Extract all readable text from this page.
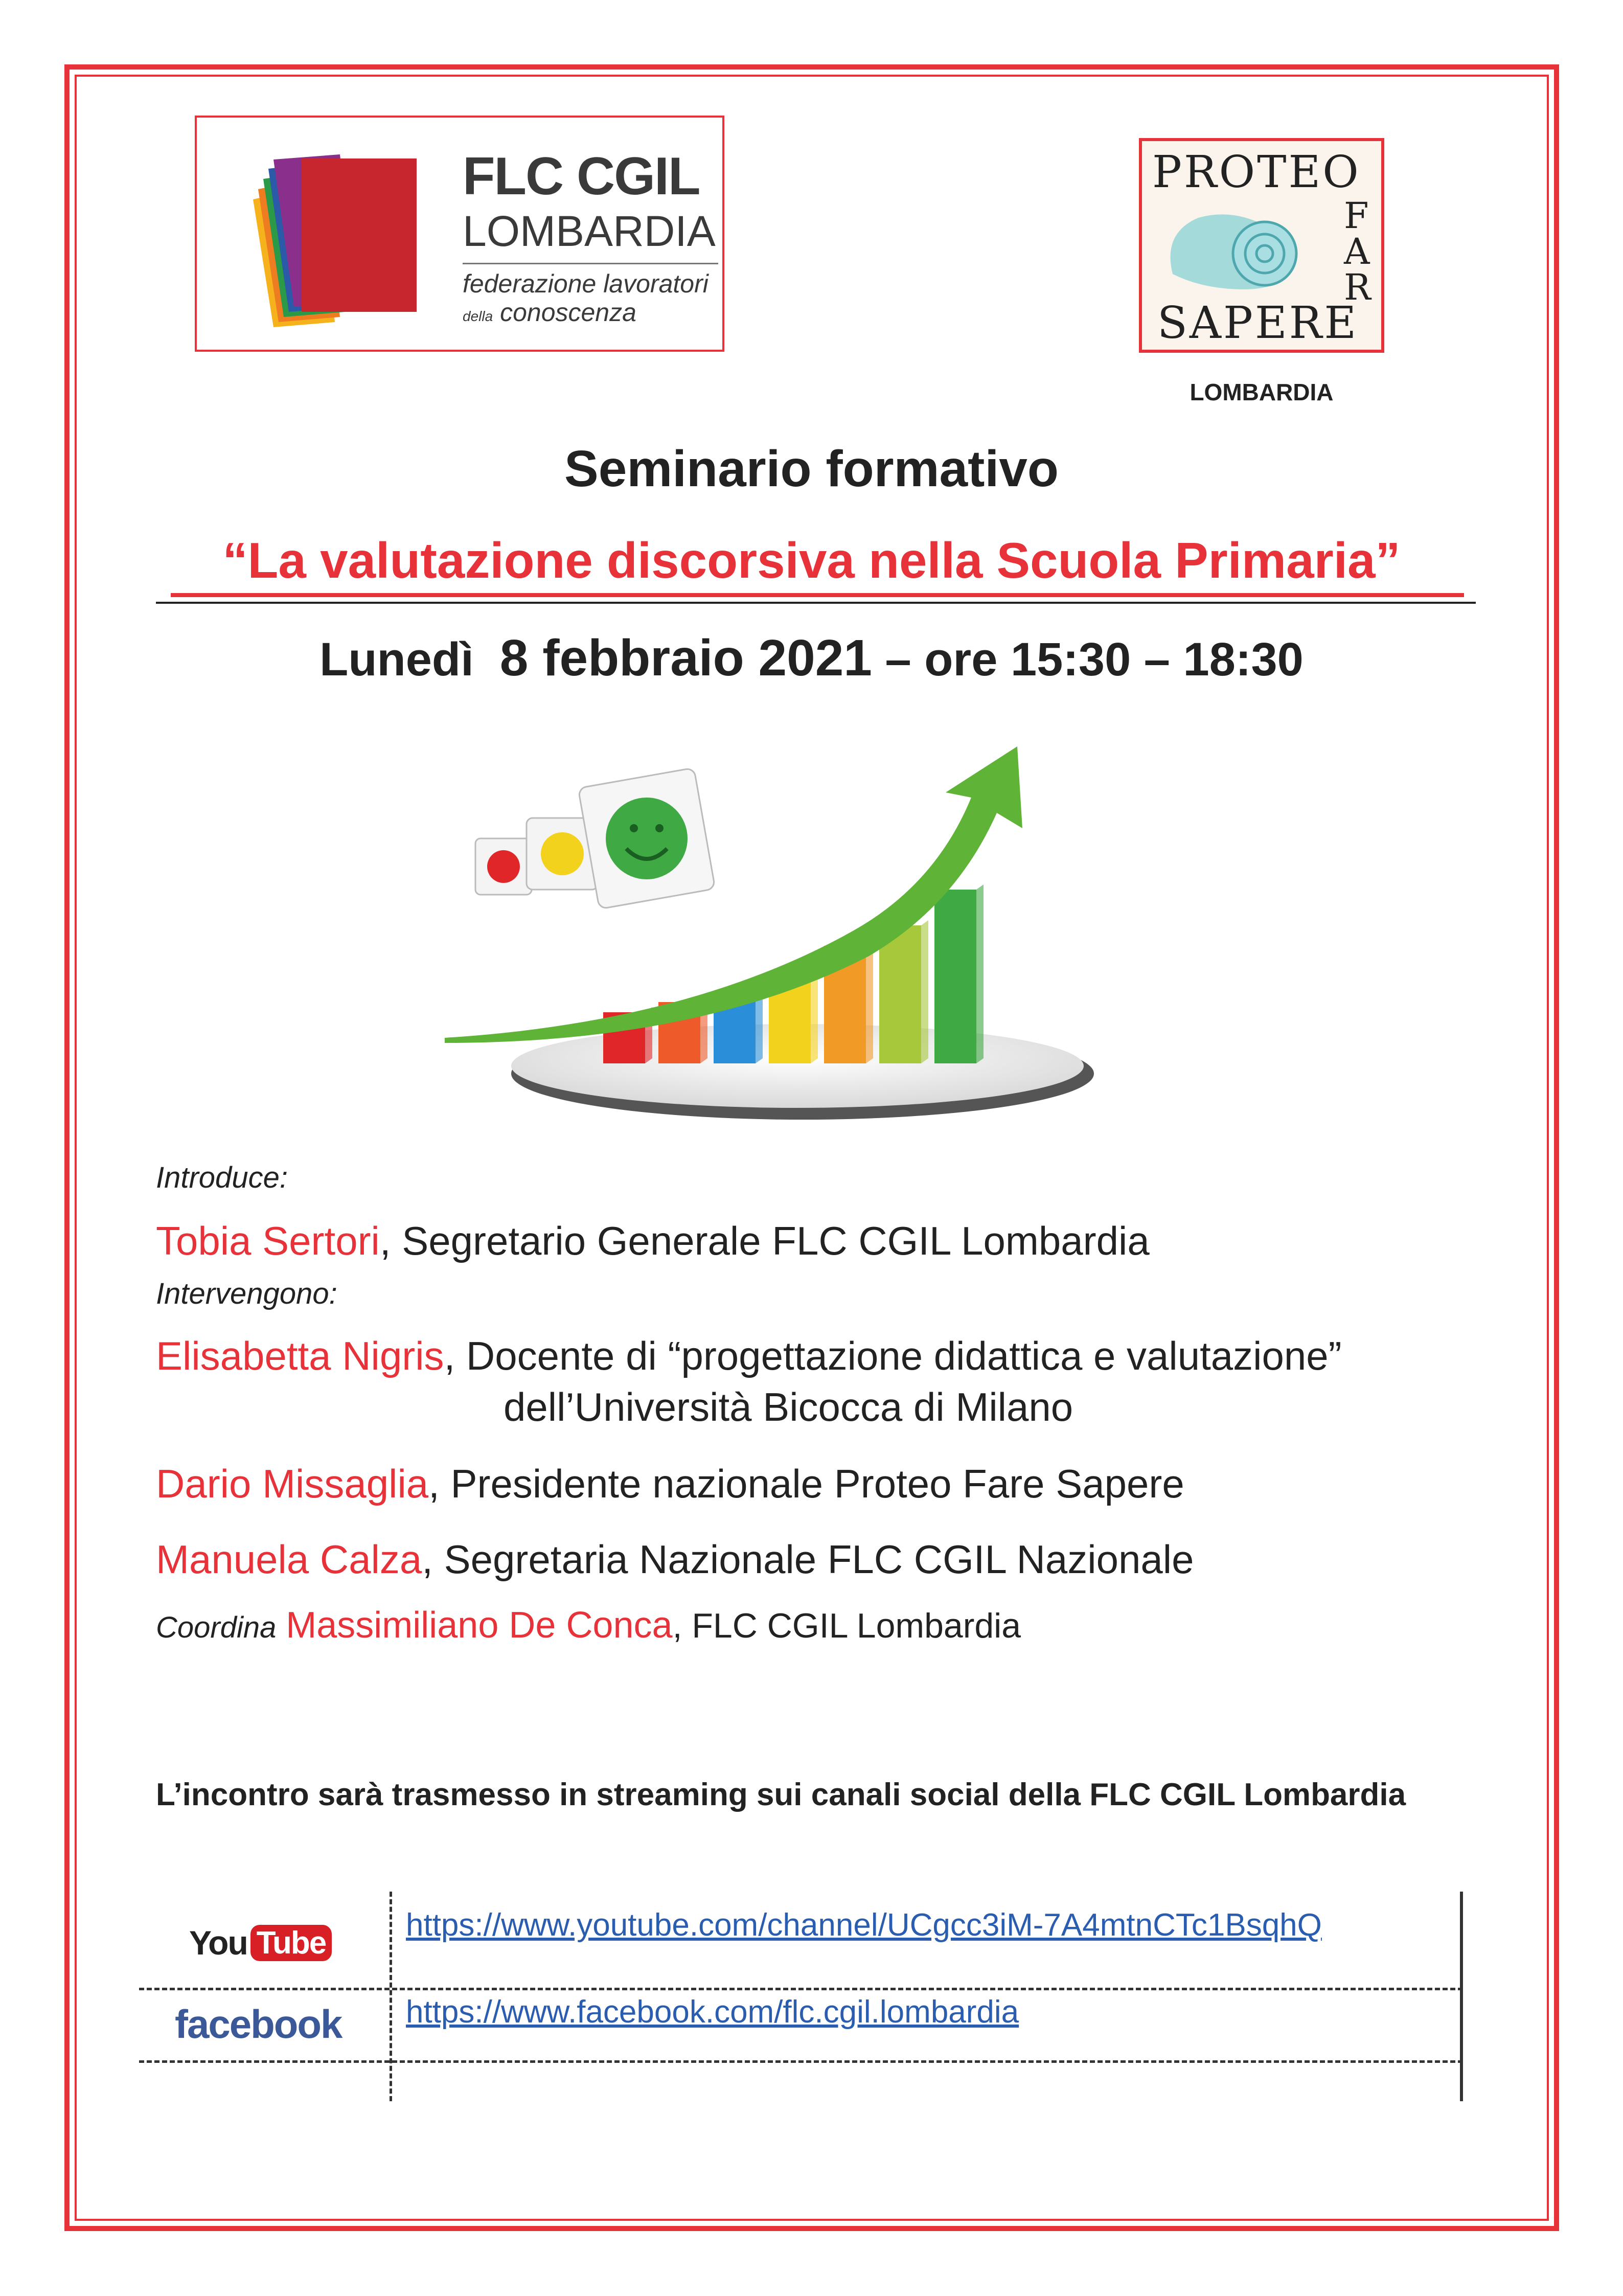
FLC CGIL
LOMBARDIA
federazione lavoratori
della conoscenza
PROTEO
F
A
R
SAPERE
LOMBARDIA
Seminario formativo
“La valutazione discorsiva nella Scuola Primaria”
Lunedì 8 febbraio 2021 – ore 15:30 – 18:30
Introduce:
Tobia Sertori, Segretario Generale FLC CGIL Lombardia
Intervengono:
Elisabetta Nigris, Docente di “progettazione didattica e valutazione”
dell’Università Bicocca di Milano
Dario Missaglia, Presidente nazionale Proteo Fare Sapere
Manuela Calza, Segretaria Nazionale FLC CGIL Nazionale
Coordina Massimiliano De Conca, FLC CGIL Lombardia
L’incontro sarà trasmesso in streaming sui canali social della FLC CGIL Lombardia
You Tube	https://www.youtube.com/channel/UCgcc3iM-7A4mtnCTc1BsqhQ
facebook https://www.facebook.com/flc.cgil.lombardia
